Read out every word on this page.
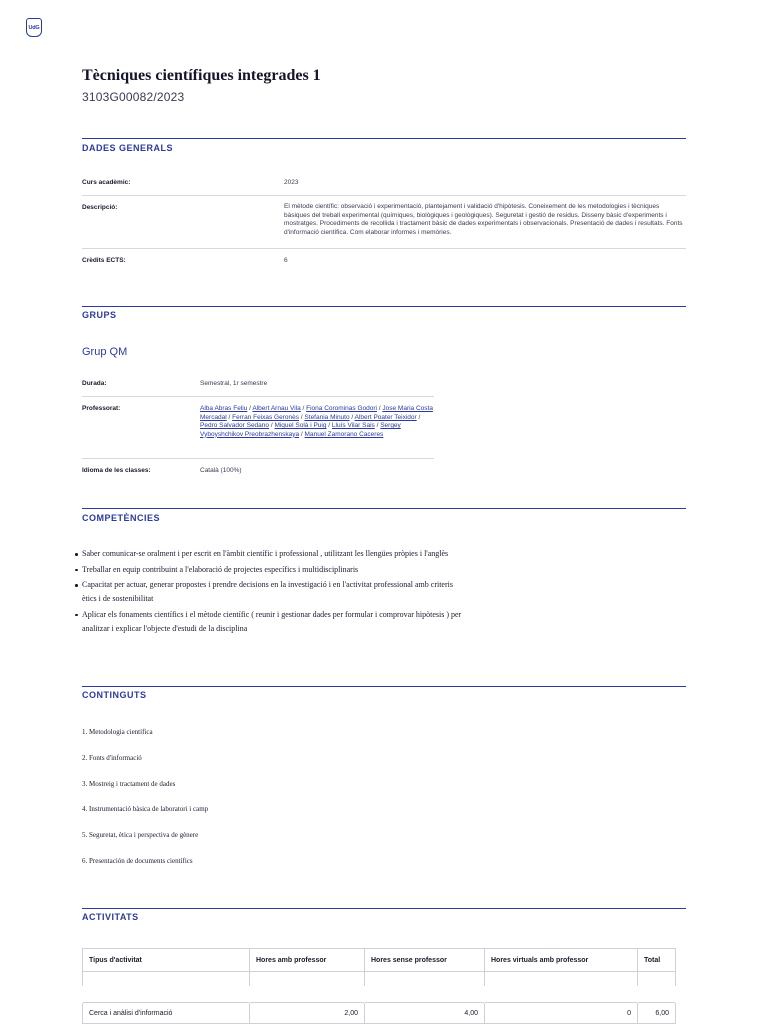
UdG
Tècniques científiques integrades 1
3103G00082/2023
DADES GENERALS
Curs acadèmic:	2023
Descripció:	El mètode científic: observació i experimentació, plantejament i validació d'hipòtesis. Coneixement de les metodologies i tècniques bàsiques del treball experimental (químiques, biològiques i geològiques). Seguretat i gestió de residus. Disseny bàsic d'experiments i mostratges. Procediments de recollida i tractament bàsic de dades experimentals i observacionals. Presentació de dades i resultats. Fonts d'informació científica. Com elaborar informes i memòries.
Crèdits ECTS:	6
GRUPS
Grup QM
Durada:	Semestral, 1r semestre
Professorat:	Alba Abras Feliu / Albert Arnau Vila / Fiona Corominas Godori / Jose Maria Costa Mercadal / Ferran Feixas Geronès / Stefania Minuto / Albert Poater Teixidor / Pedro Salvador Sedano / Miquel Solà i Puig / Lluís Vilar Sais / Sergey Vyboyshchikov Preobrazhenskaya / Manuel Zamorano Caceres
Idioma de les classes:	Català (100%)
COMPETÈNCIES
Saber comunicar-se oralment i per escrit en l'àmbit científic i professional , utilitzant les llengües pròpies i l'anglès
Treballar en equip contribuint a l'elaboració de projectes específics i multidisciplinaris
Capacitat per actuar, generar propostes i prendre decisions en la investigació i en l'activitat professional amb criteris ètics i de sostenibilitat
Aplicar els fonaments científics i el mètode científic ( reunir i gestionar dades per formular i comprovar hipòtesis ) per analitzar i explicar l'objecte d'estudi de la disciplina
CONTINGUTS
1. Metodologia científica
2. Fonts d'informació
3. Mostreig i tractament de dades
4. Instrumentació bàsica de laboratori i camp
5. Seguretat, ètica i perspectiva de gènere
6. Presentación de documents científics
ACTIVITATS
Tipus d'activitat	Hores amb professor	Hores sense professor	Hores virtuals amb professor	Total

Cerca i anàlisi d'informació	2,00	4,00	0	6,00
